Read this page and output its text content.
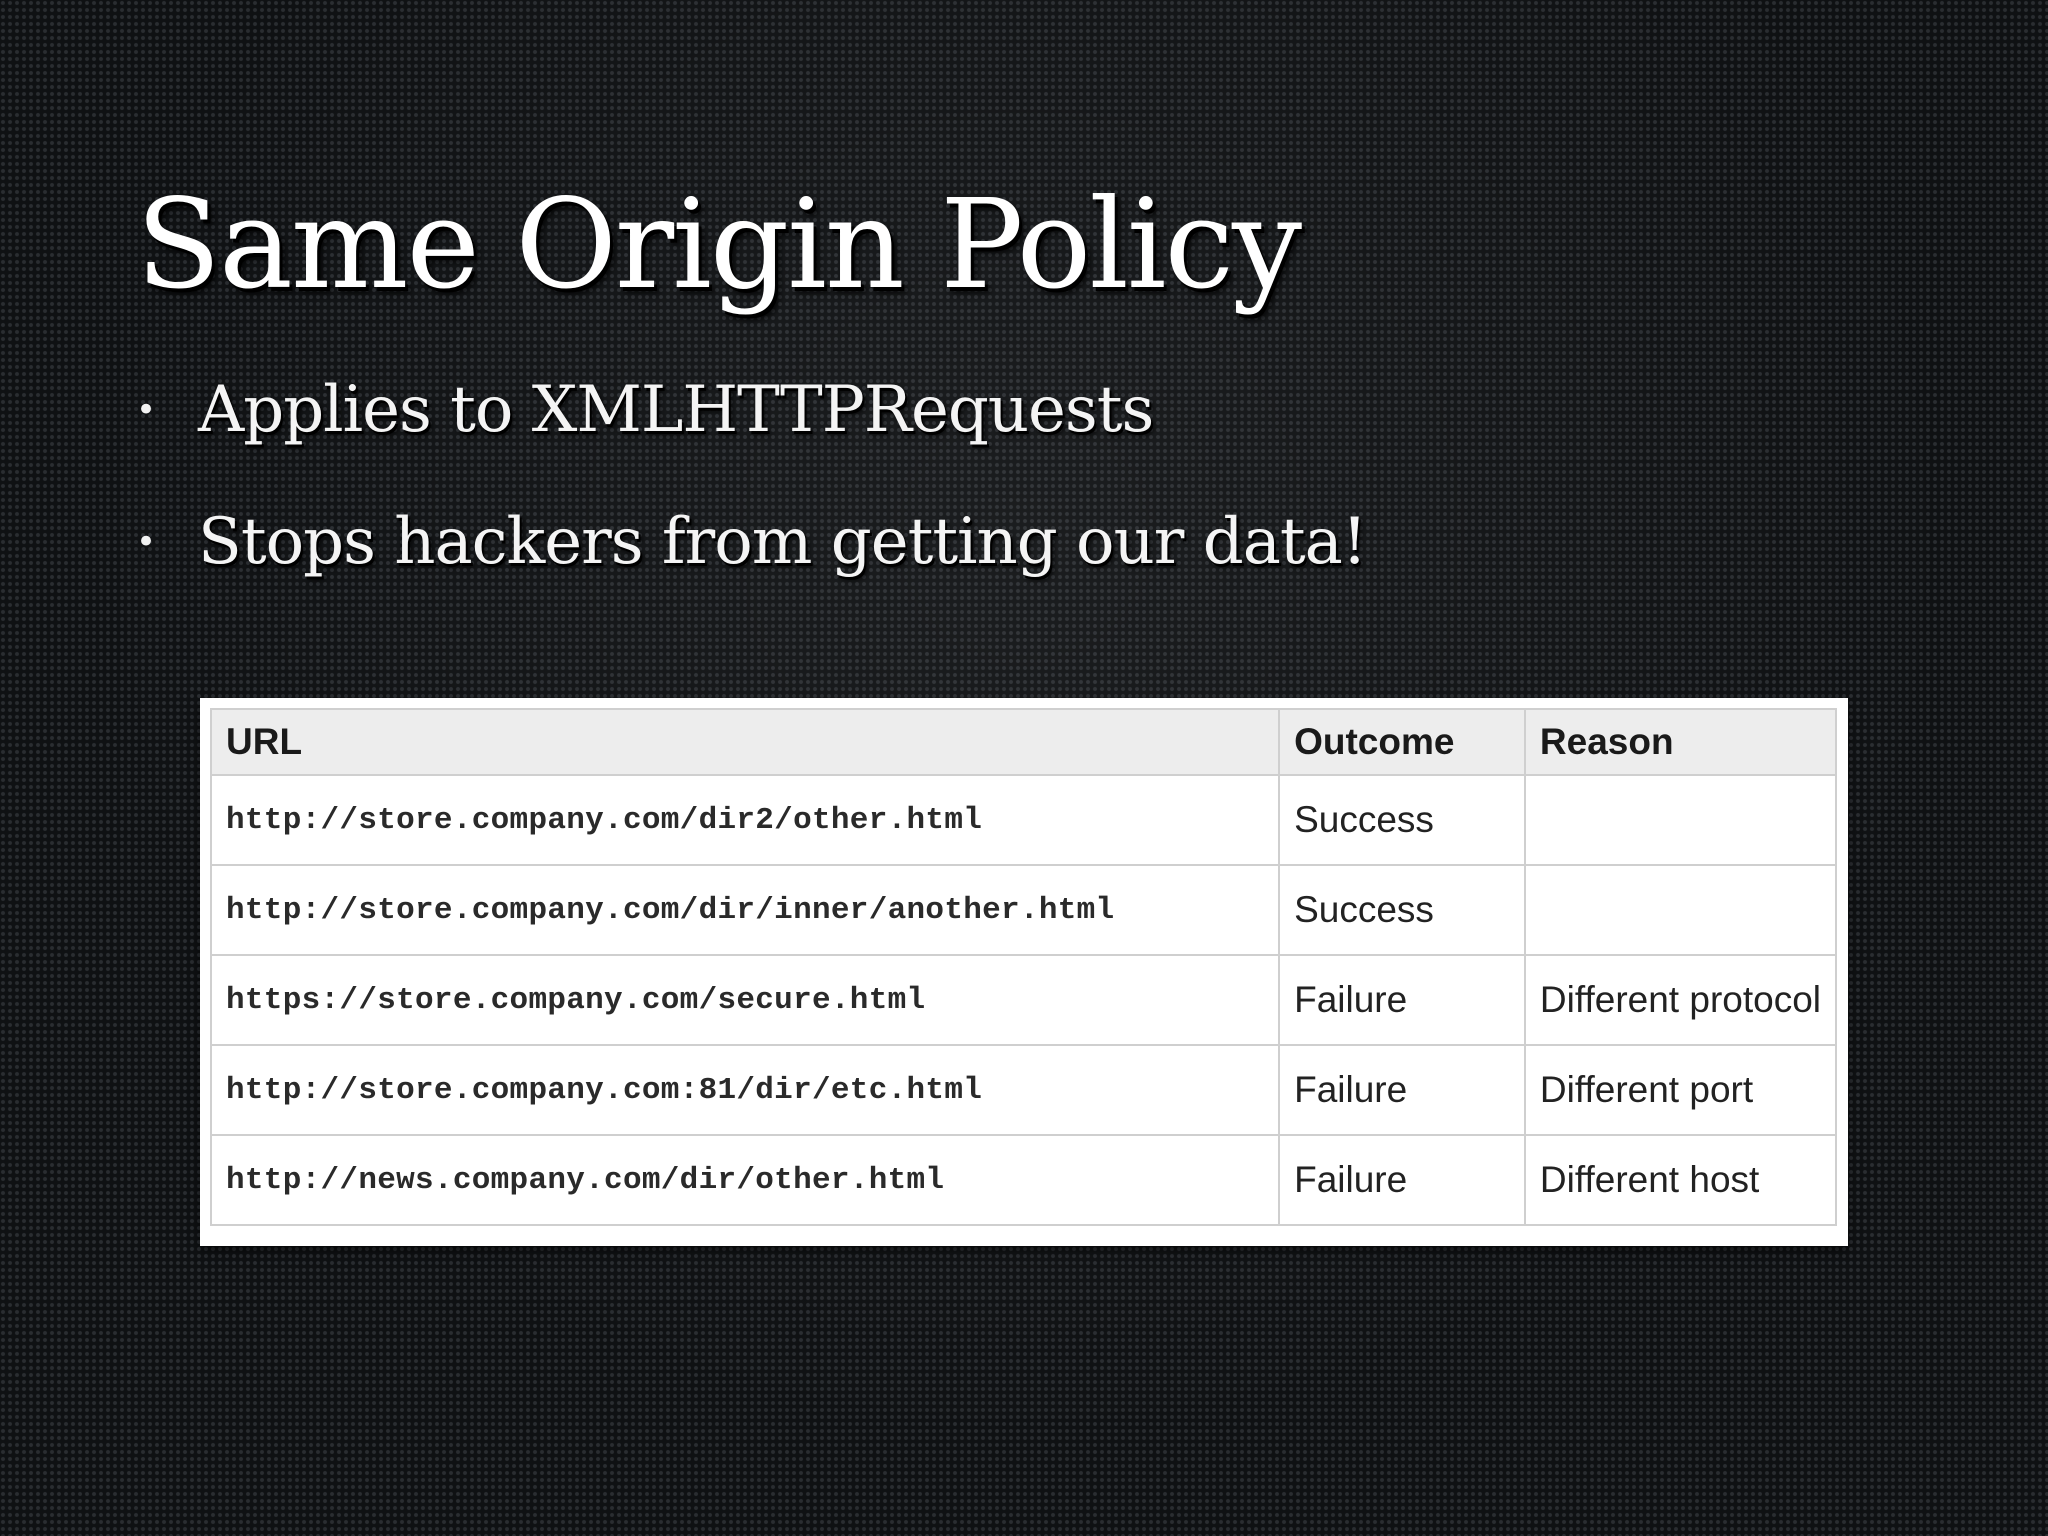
Same Origin Policy
• Applies to XMLHTTPRequests
• Stops hackers from getting our data!
URL	Outcome	Reason
http://store.company.com/dir2/other.html	Success	
http://store.company.com/dir/inner/another.html	Success	
https://store.company.com/secure.html	Failure	Different protocol
http://store.company.com:81/dir/etc.html	Failure	Different port
http://news.company.com/dir/other.html	Failure	Different host
